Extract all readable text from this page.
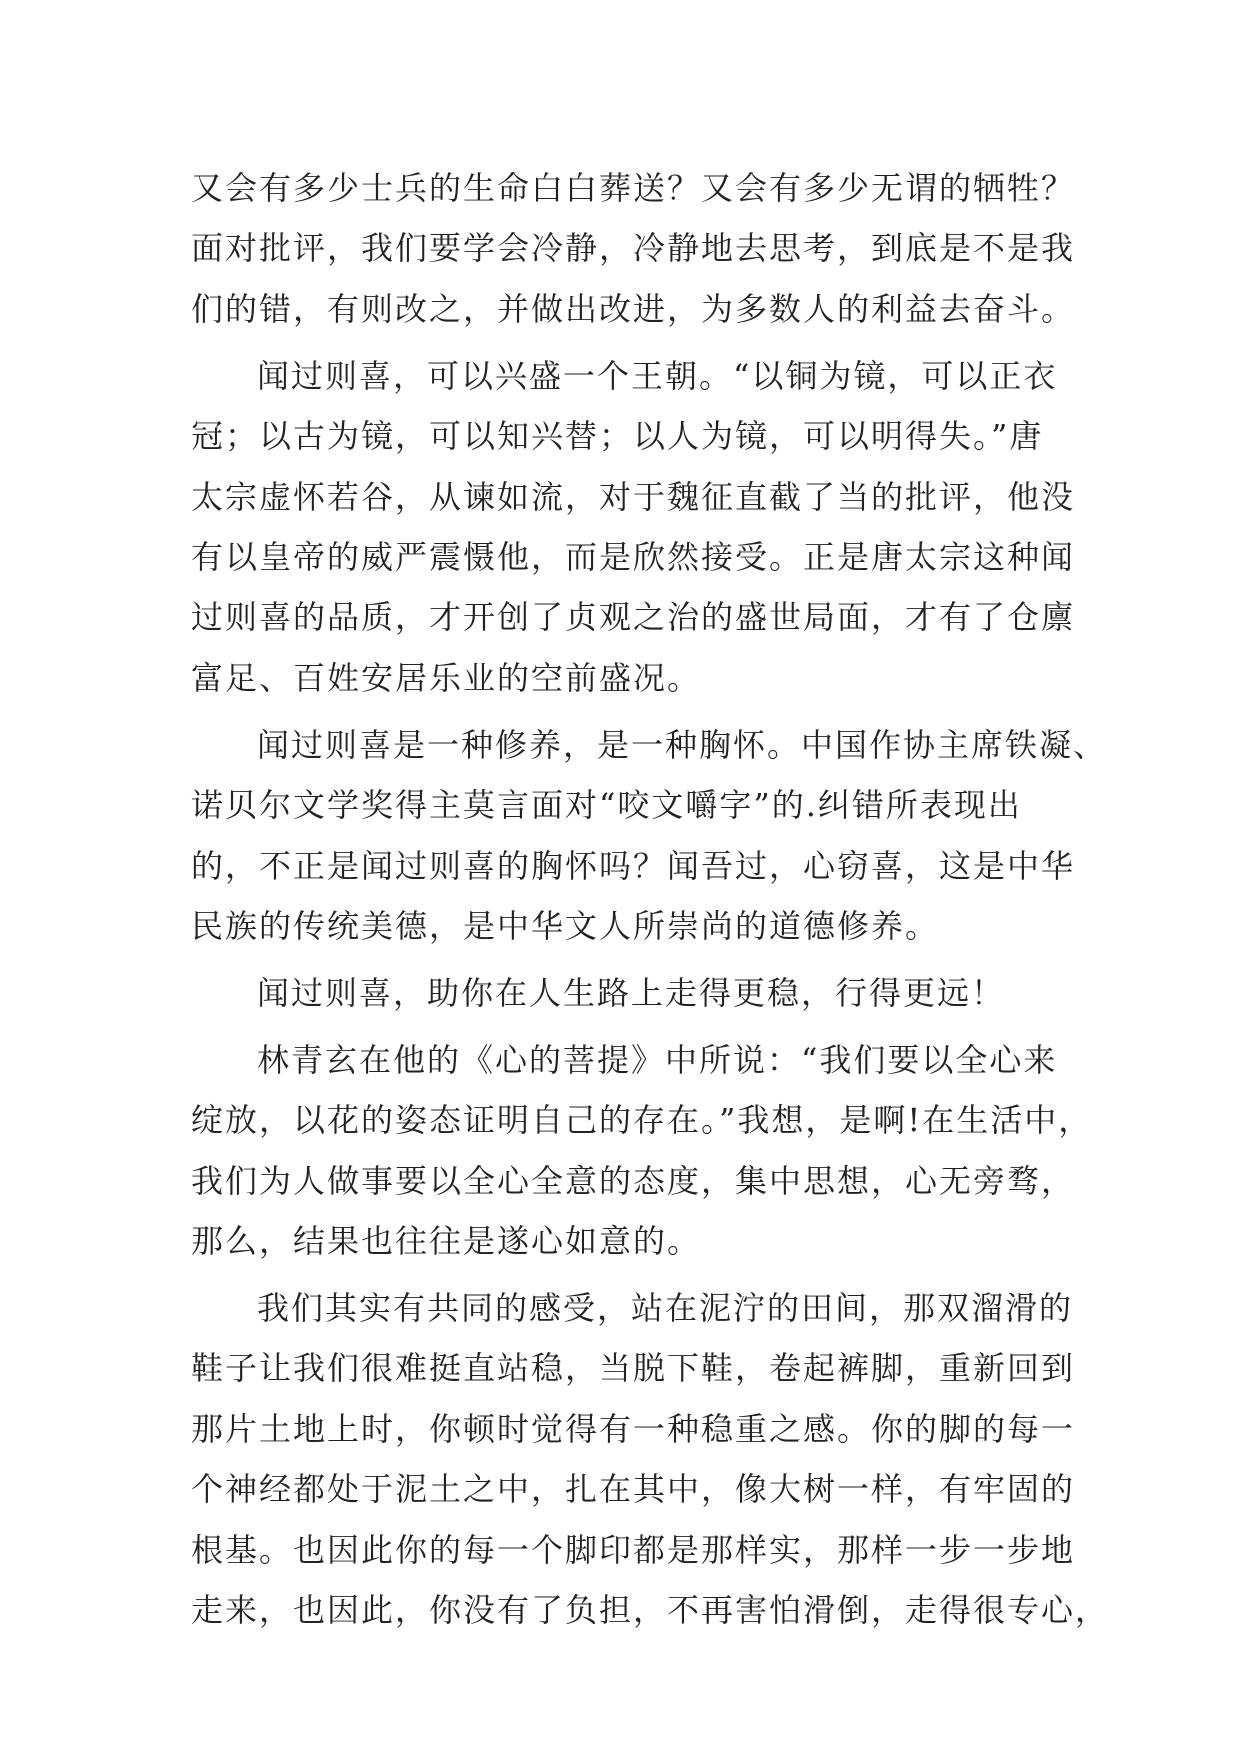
又会有多少士兵的生命白白葬送？又会有多少无谓的牺牲？
面对批评，我们要学会冷静，冷静地去思考，到底是不是我
们的错，有则改之，并做出改进，为多数人的利益去奋斗。
闻过则喜，可以兴盛一个王朝。“以铜为镜，可以正衣
冠；以古为镜，可以知兴替；以人为镜，可以明得失。”唐
太宗虚怀若谷，从谏如流，对于魏征直截了当的批评，他没
有以皇帝的威严震慑他，而是欣然接受。正是唐太宗这种闻
过则喜的品质，才开创了贞观之治的盛世局面，才有了仓廪
富足、百姓安居乐业的空前盛况。
闻过则喜是一种修养，是一种胸怀。中国作协主席铁凝、
诺贝尔文学奖得主莫言面对“咬文嚼字”的.纠错所表现出
的，不正是闻过则喜的胸怀吗？闻吾过，心窃喜，这是中华
民族的传统美德，是中华文人所崇尚的道德修养。
闻过则喜，助你在人生路上走得更稳，行得更远！
林青玄在他的《心的菩提》中所说：“我们要以全心来
绽放，以花的姿态证明自己的存在。”我想，是啊!在生活中，
我们为人做事要以全心全意的态度，集中思想，心无旁骛，
那么，结果也往往是遂心如意的。
我们其实有共同的感受，站在泥泞的田间，那双溜滑的
鞋子让我们很难挺直站稳，当脱下鞋，卷起裤脚，重新回到
那片土地上时，你顿时觉得有一种稳重之感。你的脚的每一
个神经都处于泥土之中，扎在其中，像大树一样，有牢固的
根基。也因此你的每一个脚印都是那样实，那样一步一步地
走来，也因此，你没有了负担，不再害怕滑倒，走得很专心，
